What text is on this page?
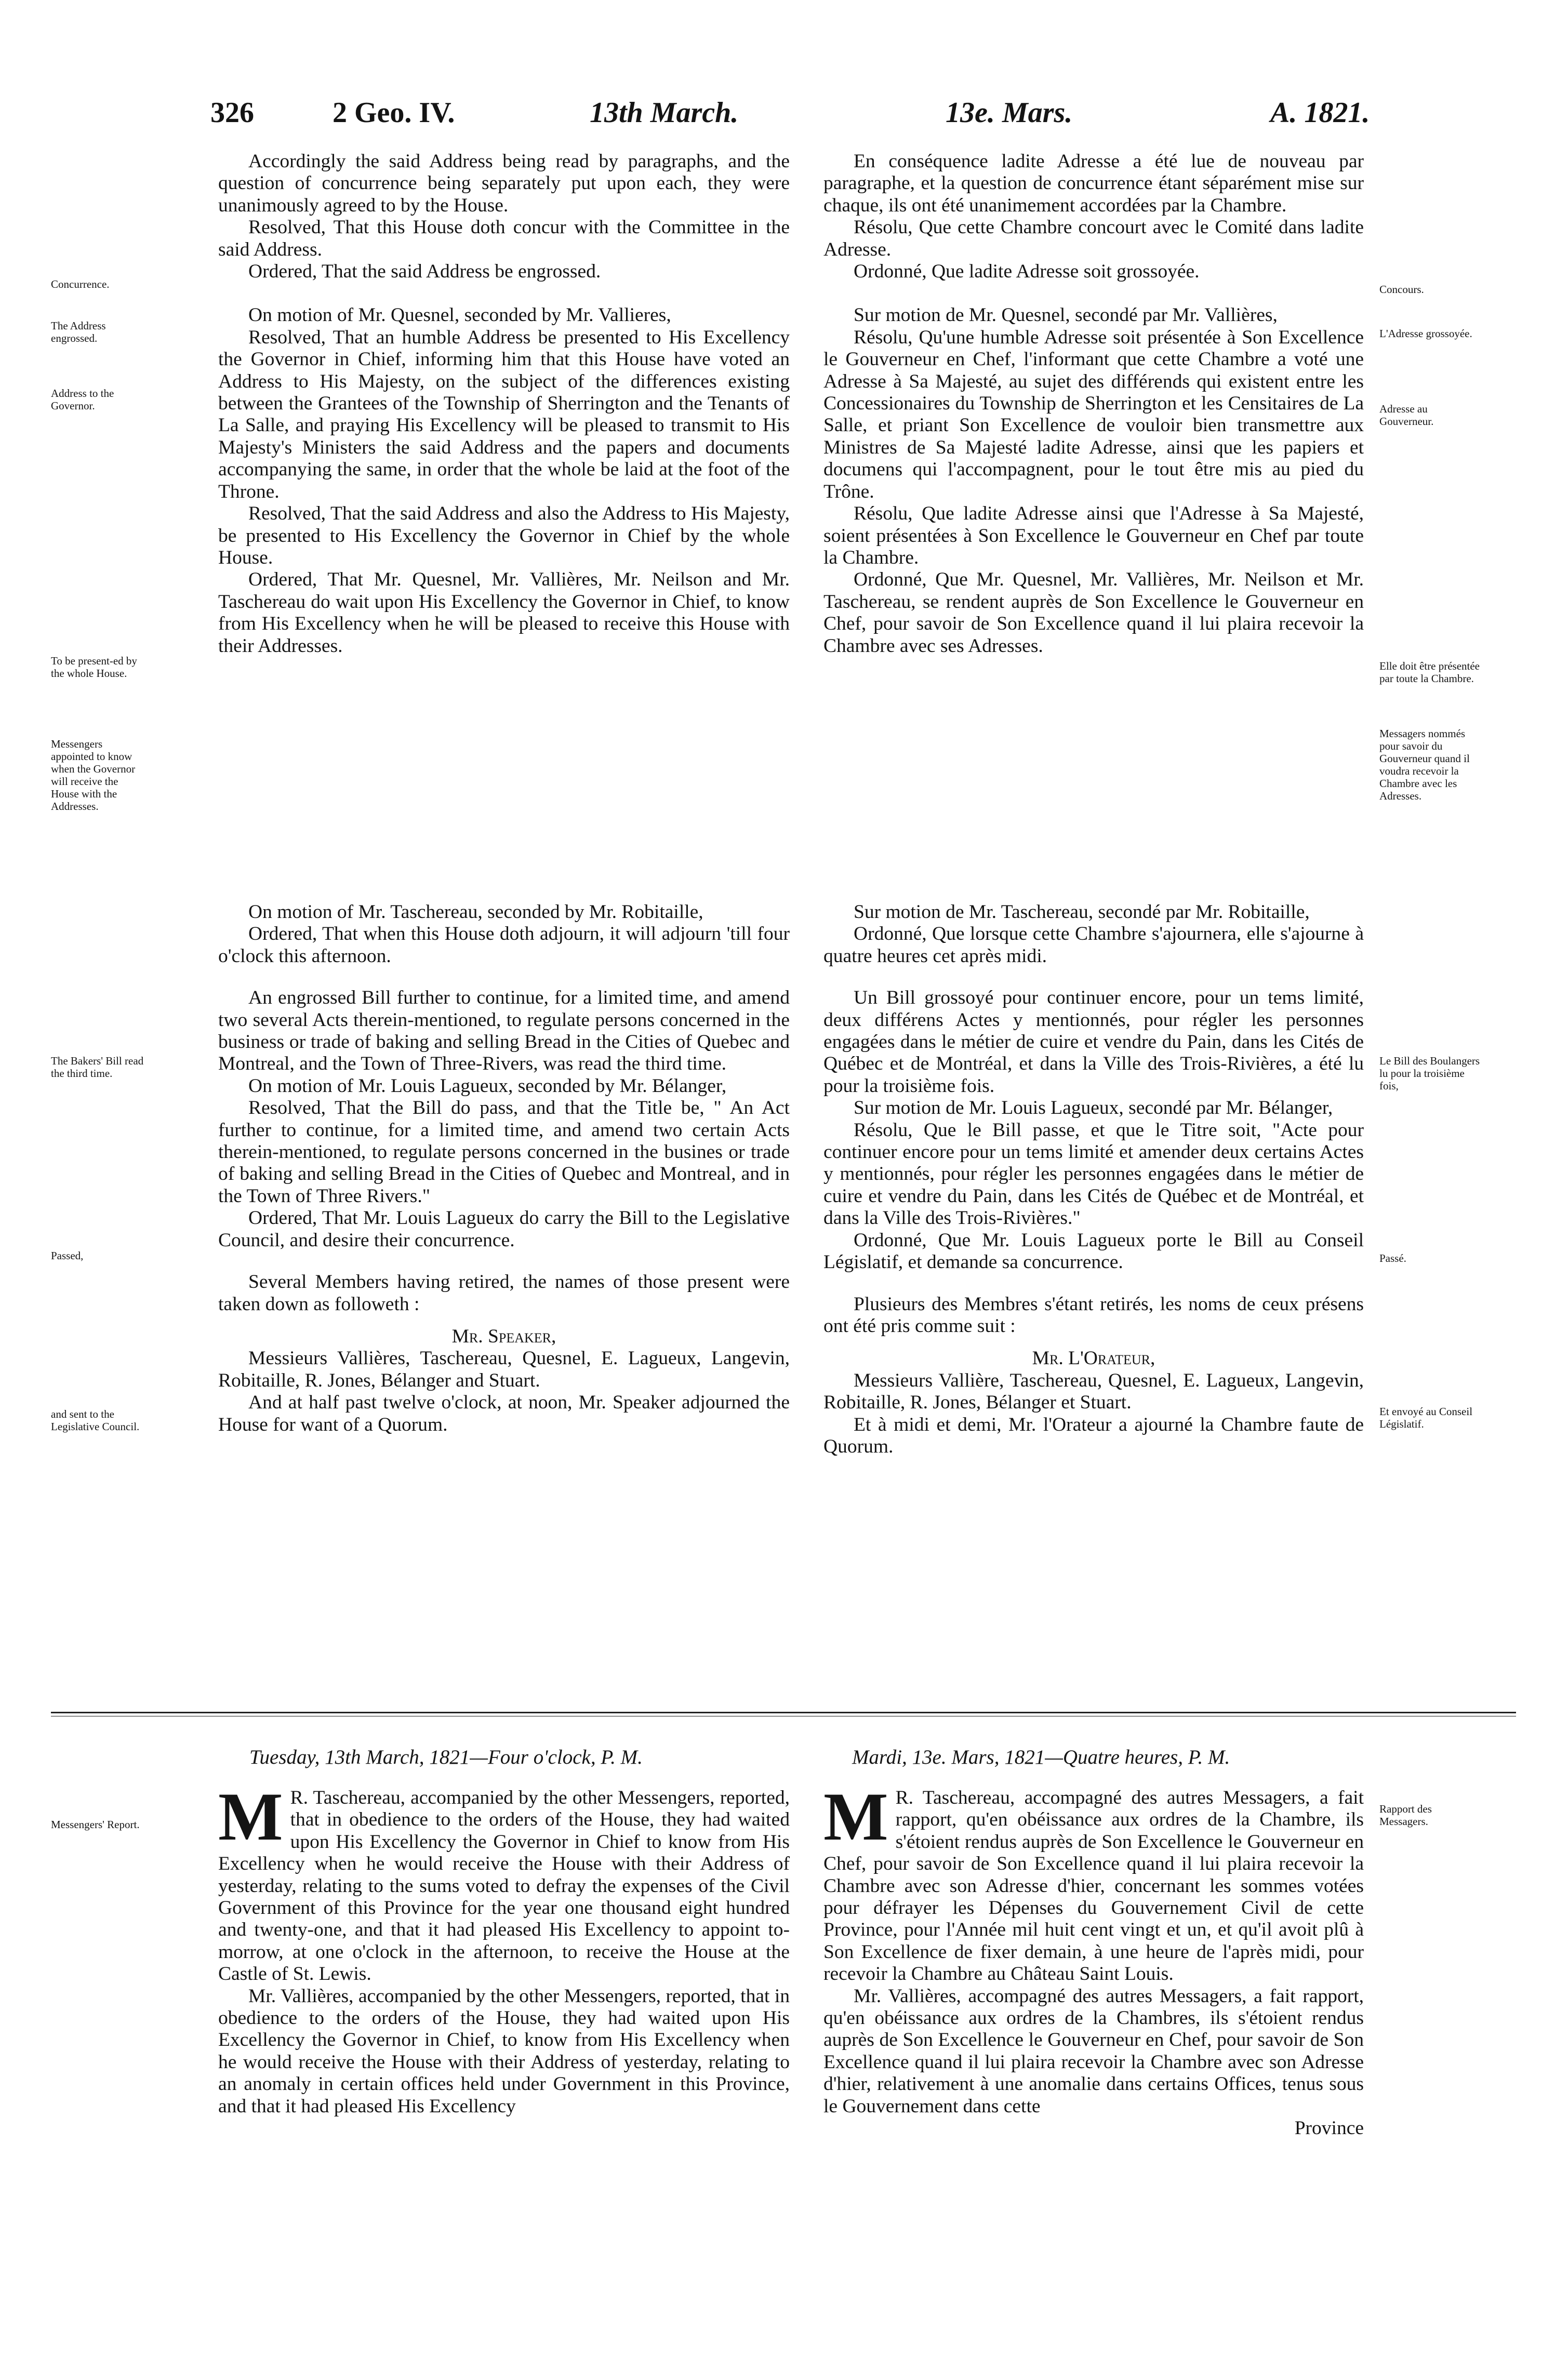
326	2 Geo. IV.	13th March.	13e. Mars.	A. 1821.
Concurrence.
The Address engrossed.
Address to the Governor.
To be present-ed by the whole House.
Messengers appointed to know when the Governor will receive the House with the Addresses.
The Bakers' Bill read the third time.
Passed,
and sent to the Legislative Council.
Messengers' Report.
Concours.
L'Adresse grossoyée.
Adresse au Gouverneur.
Elle doit être présentée par toute la Chambre.
Messagers nommés pour savoir du Gouverneur quand il voudra recevoir la Chambre avec les Adresses.
Le Bill des Boulangers lu pour la troisième fois,
Passé.
Et envoyé au Conseil Législatif.
Rapport des Messagers.

Accordingly the said Address being read by paragraphs, and the question of concurrence being separately put upon each, they were unanimously agreed to by the House.

Resolved, That this House doth concur with the Committee in the said Address.

Ordered, That the said Address be engrossed.

On motion of Mr. Quesnel, seconded by Mr. Vallieres,

Resolved, That an humble Address be presented to His Excellency the Governor in Chief, informing him that this House have voted an Address to His Majesty, on the subject of the differences existing between the Grantees of the Township of Sherrington and the Tenants of La Salle, and praying His Excellency will be pleased to transmit to His Majesty's Ministers the said Address and the papers and documents accompanying the same, in order that the whole be laid at the foot of the Throne.

Resolved, That the said Address and also the Address to His Majesty, be presented to His Excellency the Governor in Chief by the whole House.

Ordered, That Mr. Quesnel, Mr. Vallières, Mr. Neilson and Mr. Taschereau do wait upon His Excellency the Governor in Chief, to know from His Excellency when he will be pleased to receive this House with their Addresses.

En conséquence ladite Adresse a été lue de nouveau par paragraphe, et la question de concurrence étant séparément mise sur chaque, ils ont été unanimement accordées par la Chambre.

Résolu, Que cette Chambre concourt avec le Comité dans ladite Adresse.

Ordonné, Que ladite Adresse soit grossoyée.

Sur motion de Mr. Quesnel, secondé par Mr. Vallières,

Résolu, Qu'une humble Adresse soit présentée à Son Excellence le Gouverneur en Chef, l'informant que cette Chambre a voté une Adresse à Sa Majesté, au sujet des différends qui existent entre les Concessionaires du Township de Sherrington et les Censitaires de La Salle, et priant Son Excellence de vouloir bien transmettre aux Ministres de Sa Majesté ladite Adresse, ainsi que les papiers et documens qui l'accompagnent, pour le tout être mis au pied du Trône.

Résolu, Que ladite Adresse ainsi que l'Adresse à Sa Majesté, soient présentées à Son Excellence le Gouverneur en Chef par toute la Chambre.

Ordonné, Que Mr. Quesnel, Mr. Vallières, Mr. Neilson et Mr. Taschereau, se rendent auprès de Son Excellence le Gouverneur en Chef, pour savoir de Son Excellence quand il lui plaira recevoir la Chambre avec ses Adresses.

On motion of Mr. Taschereau, seconded by Mr. Robitaille,

Ordered, That when this House doth adjourn, it will adjourn 'till four o'clock this afternoon.

An engrossed Bill further to continue, for a limited time, and amend two several Acts therein-mentioned, to regulate persons concerned in the business or trade of baking and selling Bread in the Cities of Quebec and Montreal, and the Town of Three-Rivers, was read the third time.

On motion of Mr. Louis Lagueux, seconded by Mr. Bélanger,

Resolved, That the Bill do pass, and that the Title be, " An Act further to continue, for a limited time, and amend two certain Acts therein-mentioned, to regulate persons concerned in the busines or trade of baking and selling Bread in the Cities of Quebec and Montreal, and in the Town of Three Rivers."

Ordered, That Mr. Louis Lagueux do carry the Bill to the Legislative Council, and desire their concurrence.

Several Members having retired, the names of those present were taken down as followeth :

Mr. Speaker,

Messieurs Vallières, Taschereau, Quesnel, E. Lagueux, Langevin, Robitaille, R. Jones, Bélanger and Stuart.

And at half past twelve o'clock, at noon, Mr. Speaker adjourned the House for want of a Quorum.

Sur motion de Mr. Taschereau, secondé par Mr. Robitaille,

Ordonné, Que lorsque cette Chambre s'ajournera, elle s'ajourne à quatre heures cet après midi.

Un Bill grossoyé pour continuer encore, pour un tems limité, deux différens Actes y mentionnés, pour régler les personnes engagées dans le métier de cuire et vendre du Pain, dans les Cités de Québec et de Montréal, et dans la Ville des Trois-Rivières, a été lu pour la troisième fois.

Sur motion de Mr. Louis Lagueux, secondé par Mr. Bélanger,

Résolu, Que le Bill passe, et que le Titre soit, "Acte pour continuer encore pour un tems limité et amender deux certains Actes y mentionnés, pour régler les personnes engagées dans le métier de cuire et vendre du Pain, dans les Cités de Québec et de Montréal, et dans la Ville des Trois-Rivières."

Ordonné, Que Mr. Louis Lagueux porte le Bill au Conseil Législatif, et demande sa concurrence.

Plusieurs des Membres s'étant retirés, les noms de ceux présens ont été pris comme suit :

Mr. L'Orateur,

Messieurs Vallière, Taschereau, Quesnel, E. Lagueux, Langevin, Robitaille, R. Jones, Bélanger et Stuart.

Et à midi et demi, Mr. l'Orateur a ajourné la Chambre faute de Quorum.

Tuesday, 13th March, 1821—Four o'clock, P. M.	Mardi, 13e. Mars, 1821—Quatre heures, P. M.

M R. Taschereau, accompanied by the other Messengers, reported, that in obedience to the orders of the House, they had waited upon His Excellency the Governor in Chief to know from His Excellency when he would receive the House with their Address of yesterday, relating to the sums voted to defray the expenses of the Civil Government of this Province for the year one thousand eight hundred and twenty-one, and that it had pleased His Excellency to appoint to-morrow, at one o'clock in the afternoon, to receive the House at the Castle of St. Lewis.

Mr. Vallières, accompanied by the other Messengers, reported, that in obedience to the orders of the House, they had waited upon His Excellency the Governor in Chief, to know from His Excellency when he would receive the House with their Address of yesterday, relating to an anomaly in certain offices held under Government in this Province, and that it had pleased His Excellency

M R. Taschereau, accompagné des autres Messagers, a fait rapport, qu'en obéissance aux ordres de la Chambre, ils s'étoient rendus auprès de Son Excellence le Gouverneur en Chef, pour savoir de Son Excellence quand il lui plaira recevoir la Chambre avec son Adresse d'hier, concernant les sommes votées pour défrayer les Dépenses du Gouvernement Civil de cette Province, pour l'Année mil huit cent vingt et un, et qu'il avoit plû à Son Excellence de fixer demain, à une heure de l'après midi, pour recevoir la Chambre au Château Saint Louis.

Mr. Vallières, accompagné des autres Messagers, a fait rapport, qu'en obéissance aux ordres de la Chambres, ils s'étoient rendus auprès de Son Excellence le Gouverneur en Chef, pour savoir de Son Excellence quand il lui plaira recevoir la Chambre avec son Adresse d'hier, relativement à une anomalie dans certains Offices, tenus sous le Gouvernement dans cette

Province
